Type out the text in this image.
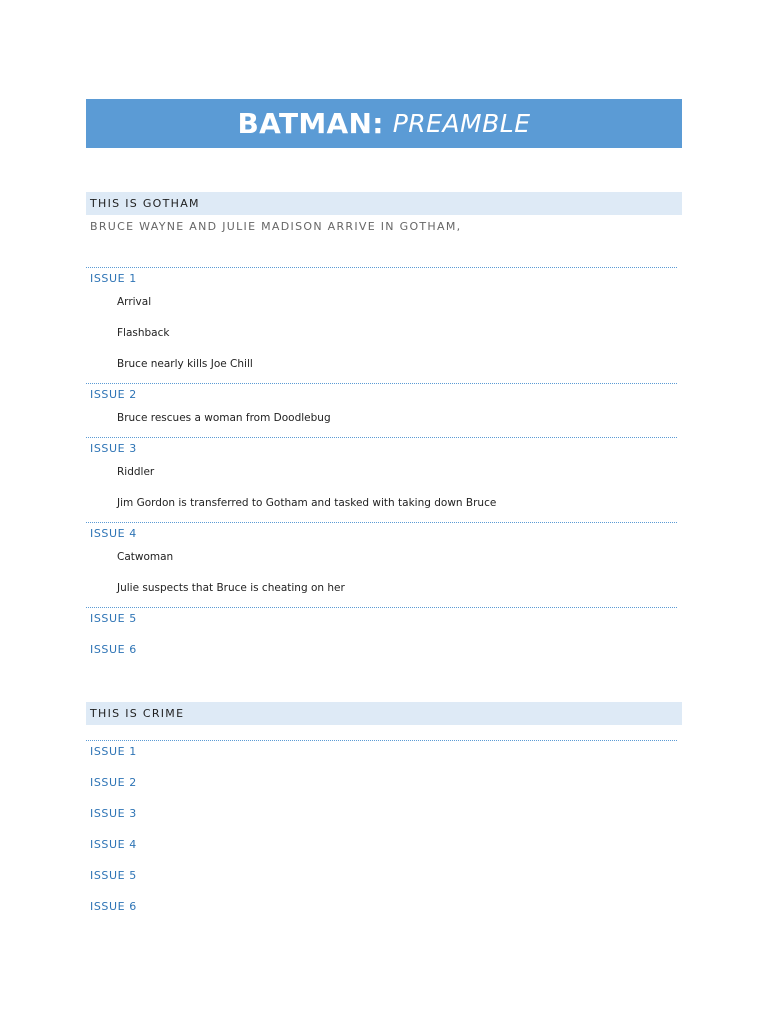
BATMAN: PREAMBLE
THIS IS GOTHAM
BRUCE WAYNE AND JULIE MADISON ARRIVE IN GOTHAM,
ISSUE 1
Arrival
Flashback
Bruce nearly kills Joe Chill
ISSUE 2
Bruce rescues a woman from Doodlebug
ISSUE 3
Riddler
Jim Gordon is transferred to Gotham and tasked with taking down Bruce
ISSUE 4
Catwoman
Julie suspects that Bruce is cheating on her
ISSUE 5
ISSUE 6
THIS IS CRIME
ISSUE 1
ISSUE 2
ISSUE 3
ISSUE 4
ISSUE 5
ISSUE 6
